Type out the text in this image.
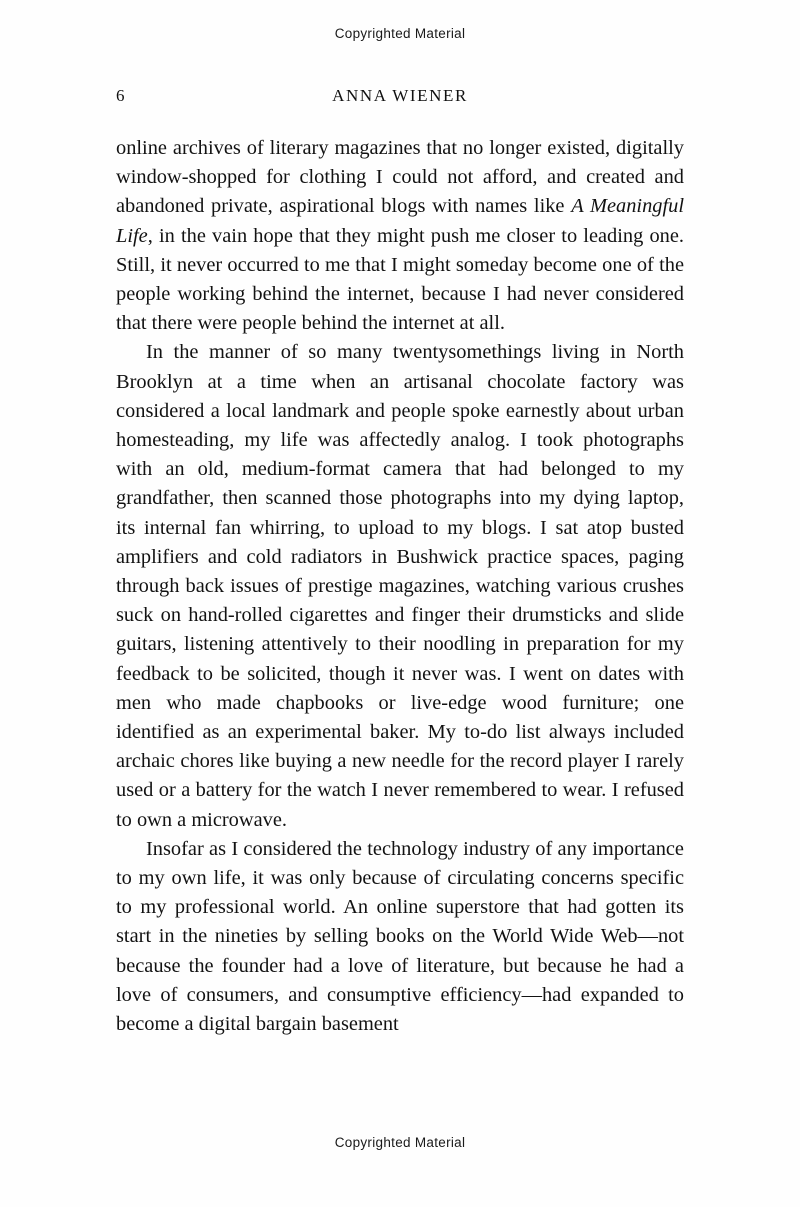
Copyrighted Material
6	ANNA WIENER

online archives of literary magazines that no longer existed, digitally window-shopped for clothing I could not afford, and created and abandoned private, aspirational blogs with names like A Meaningful Life, in the vain hope that they might push me closer to leading one. Still, it never occurred to me that I might someday become one of the people working behind the internet, because I had never considered that there were people behind the internet at all.

In the manner of so many twentysomethings living in North Brooklyn at a time when an artisanal chocolate factory was considered a local landmark and people spoke earnestly about urban homesteading, my life was affectedly analog. I took photographs with an old, medium-format camera that had belonged to my grandfather, then scanned those photographs into my dying laptop, its internal fan whirring, to upload to my blogs. I sat atop busted amplifiers and cold radiators in Bushwick practice spaces, paging through back issues of prestige magazines, watching various crushes suck on hand-rolled cigarettes and finger their drumsticks and slide guitars, listening attentively to their noodling in preparation for my feedback to be solicited, though it never was. I went on dates with men who made chapbooks or live-edge wood furniture; one identified as an experimental baker. My to-do list always included archaic chores like buying a new needle for the record player I rarely used or a battery for the watch I never remembered to wear. I refused to own a microwave.

Insofar as I considered the technology industry of any importance to my own life, it was only because of circulating concerns specific to my professional world. An online superstore that had gotten its start in the nineties by selling books on the World Wide Web—not because the founder had a love of literature, but because he had a love of consumers, and consumptive efficiency—had expanded to become a digital bargain basement

Copyrighted Material
